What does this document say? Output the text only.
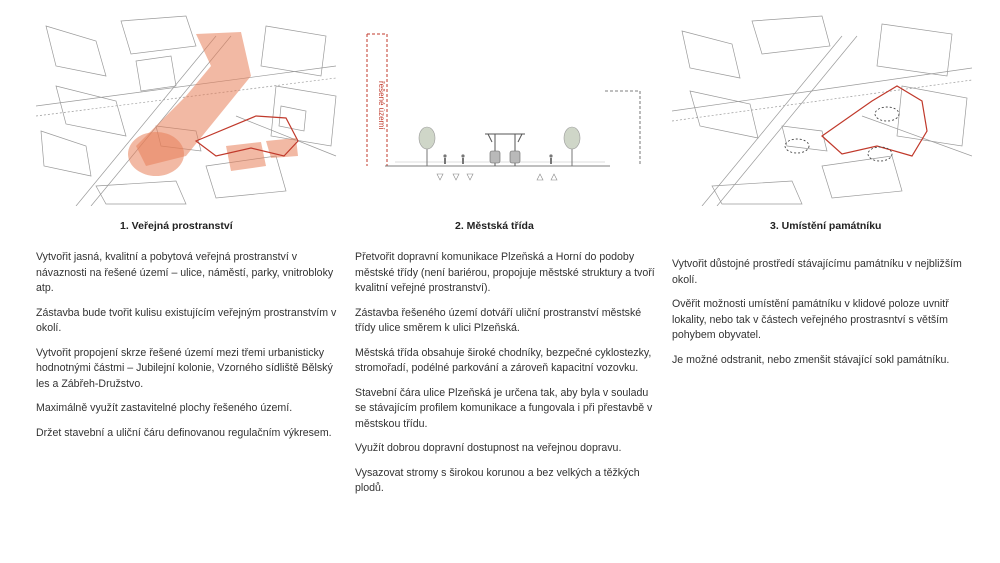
1. Veřejná prostranství

Vytvořit jasná, kvalitní a pobytová veřejná prostranství v návaznosti na řešené území – ulice, náměstí, parky, vnitrobloky atp.

Zástavba bude tvořit kulisu existujícím veřejným prostranstvím v okolí.

Vytvořit propojení skrze řešené území mezi třemi urbanisticky hodnotnými částmi – Jubilejní kolonie, Vzorného sídliště Bělský les a Zábřeh-Družstvo.

Maximálně využít zastavitelné plochy řešeného území.

Držet stavební a uliční čáru definovanou regulačním výkresem.

řešené území
2. Městská třída

Přetvořit dopravní komunikace Plzeňská a Horní do podoby městské třídy (není bariérou, propojuje městské struktury a tvoří kvalitní veřejné prostranství).

Zástavba řešeného území dotváří uliční prostranství městské třídy ulice směrem k ulici Plzeňská.

Městská třída obsahuje široké chodníky, bezpečné cyklostezky, stromořadí, podélné parkování a zároveň kapacitní vozovku.

Stavební čára ulice Plzeňská je určena tak, aby byla v souladu se stávajícím profilem komunikace a fungovala i při přestavbě v městskou třídu.

Využít dobrou dopravní dostupnost na veřejnou dopravu.

Vysazovat stromy s širokou korunou a bez velkých a těžkých plodů.

3. Umístění památníku

Vytvořit důstojné prostředí stávajícímu památníku v nejbližším okolí.

Ověřit možnosti umístění památníku v klidové poloze uvnitř lokality, nebo tak v částech veřejného prostrasntví s větším pohybem obyvatel.

Je možné odstranit, nebo zmenšit stávající sokl památníku.
